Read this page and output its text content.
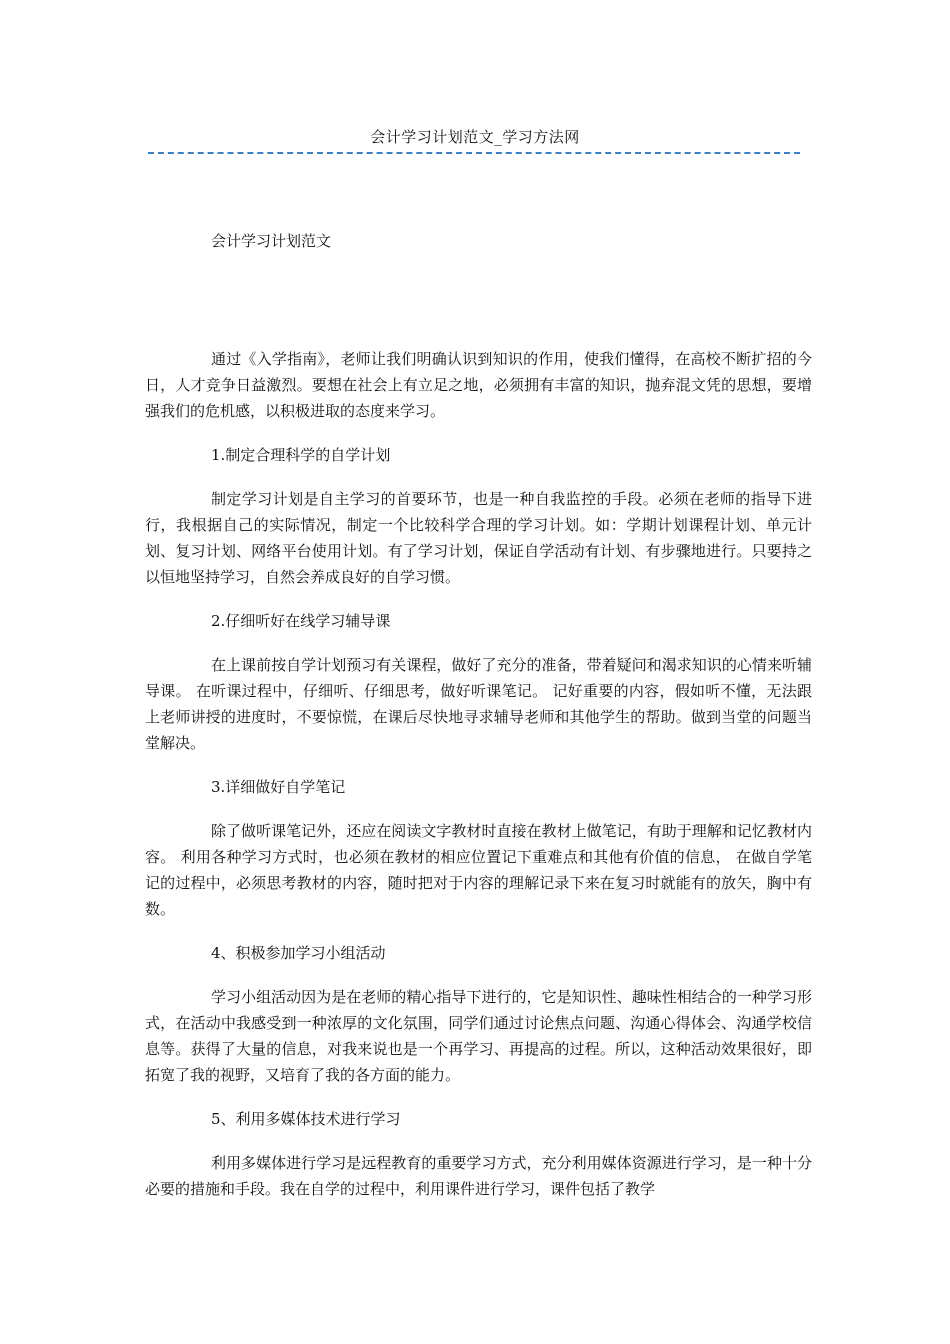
会计学习计划范文_学习方法网

会计学习计划范文

通过《入学指南》，老师让我们明确认识到知识的作用，使我们懂得，在高校不断扩招的今日，人才竞争日益激烈。要想在社会上有立足之地，必须拥有丰富的知识，抛弃混文凭的思想，要增强我们的危机感，以积极进取的态度来学习。

1.制定合理科学的自学计划

制定学习计划是自主学习的首要环节，也是一种自我监控的手段。必须在老师的指导下进行，我根据自己的实际情况，制定一个比较科学合理的学习计划。如：学期计划课程计划、单元计划、复习计划、网络平台使用计划。有了学习计划，保证自学活动有计划、有步骤地进行。只要持之以恒地坚持学习，自然会养成良好的自学习惯。

2.仔细听好在线学习辅导课

在上课前按自学计划预习有关课程，做好了充分的准备，带着疑问和渴求知识的心情来听辅导课。 在听课过程中，仔细听、仔细思考，做好听课笔记。 记好重要的内容，假如听不懂，无法跟上老师讲授的进度时，不要惊慌，在课后尽快地寻求辅导老师和其他学生的帮助。做到当堂的问题当堂解决。

3.详细做好自学笔记

除了做听课笔记外，还应在阅读文字教材时直接在教材上做笔记，有助于理解和记忆教材内容。 利用各种学习方式时，也必须在教材的相应位置记下重难点和其他有价值的信息， 在做自学笔记的过程中，必须思考教材的内容，随时把对于内容的理解记录下来在复习时就能有的放矢，胸中有数。

4、积极参加学习小组活动

学习小组活动因为是在老师的精心指导下进行的，它是知识性、趣味性相结合的一种学习形式，在活动中我感受到一种浓厚的文化氛围，同学们通过讨论焦点问题、沟通心得体会、沟通学校信息等。获得了大量的信息，对我来说也是一个再学习、再提高的过程。所以，这种活动效果很好，即拓宽了我的视野，又培育了我的各方面的能力。

5、利用多媒体技术进行学习

利用多媒体进行学习是远程教育的重要学习方式，充分利用媒体资源进行学习，是一种十分必要的措施和手段。我在自学的过程中，利用课件进行学习，课件包括了教学
